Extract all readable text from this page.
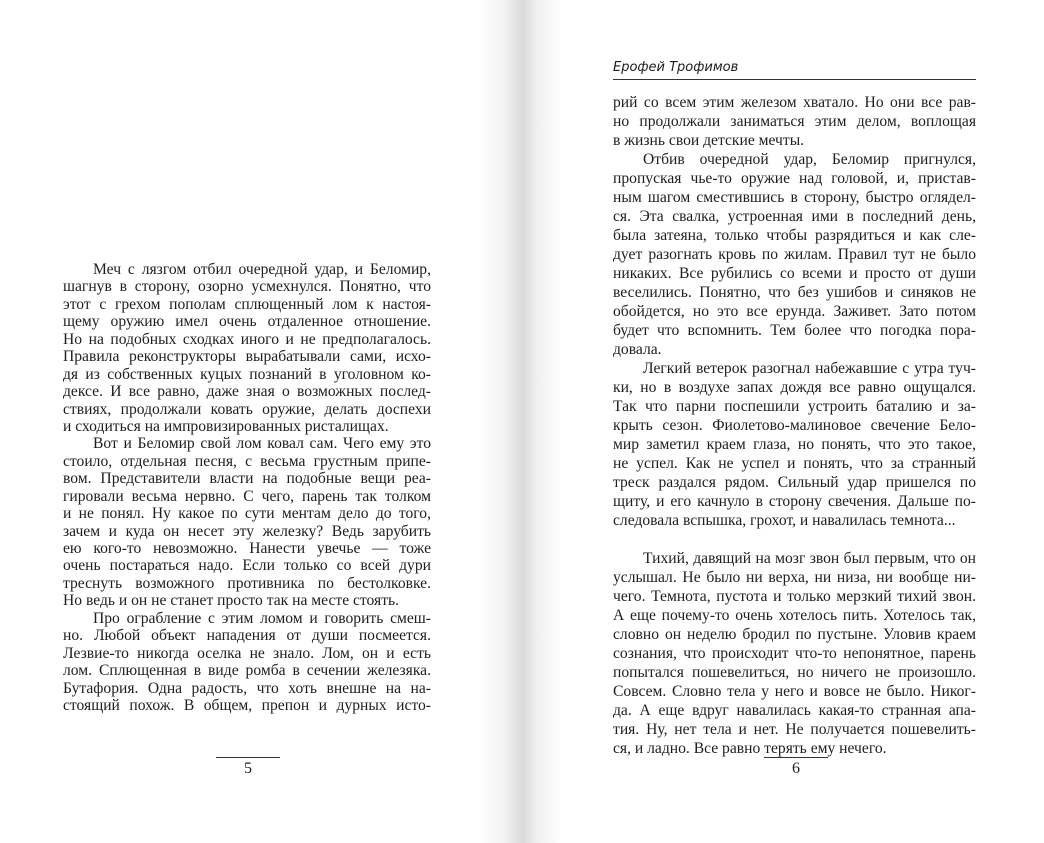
Меч с лязгом отбил очередной удар, и Беломир,
шагнув в сторону, озорно усмехнулся. Понятно, что
этот с грехом пополам сплющенный лом к настоя-
щему оружию имел очень отдаленное отношение.
Но на подобных сходках иного и не предполагалось.
Правила реконструкторы вырабатывали сами, исхо-
дя из собственных куцых познаний в уголовном ко-
дексе. И все равно, даже зная о возможных послед-
ствиях, продолжали ковать оружие, делать доспехи
и сходиться на импровизированных ристалищах.
Вот и Беломир свой лом ковал сам. Чего ему это
стоило, отдельная песня, с весьма грустным припе-
вом. Представители власти на подобные вещи реа-
гировали весьма нервно. С чего, парень так толком
и не понял. Ну какое по сути ментам дело до того,
зачем и куда он несет эту железку? Ведь зарубить
ею кого-то невозможно. Нанести увечье — тоже
очень постараться надо. Если только со всей дури
треснуть возможного противника по бестолковке.
Но ведь и он не станет просто так на месте стоять.
Про ограбление с этим ломом и говорить смеш-
но. Любой объект нападения от души посмеется.
Лезвие-то никогда оселка не знало. Лом, он и есть
лом. Сплющенная в виде ромба в сечении железяка.
Бутафория. Одна радость, что хоть внешне на на-
стоящий похож. В общем, препон и дурных исто-
5
Ерофей Трофимов
рий со всем этим железом хватало. Но они все рав-
но продолжали заниматься этим делом, воплощая
в жизнь свои детские мечты.
Отбив очередной удар, Беломир пригнулся,
пропуская чье-то оружие над головой, и, пристав-
ным шагом сместившись в сторону, быстро оглядел-
ся. Эта свалка, устроенная ими в последний день,
была затеяна, только чтобы разрядиться и как сле-
дует разогнать кровь по жилам. Правил тут не было
никаких. Все рубились со всеми и просто от души
веселились. Понятно, что без ушибов и синяков не
обойдется, но это все ерунда. Заживет. Зато потом
будет что вспомнить. Тем более что погодка пора-
довала.
Легкий ветерок разогнал набежавшие с утра туч-
ки, но в воздухе запах дождя все равно ощущался.
Так что парни поспешили устроить баталию и за-
крыть сезон. Фиолетово-малиновое свечение Бело-
мир заметил краем глаза, но понять, что это такое,
не успел. Как не успел и понять, что за странный
треск раздался рядом. Сильный удар пришелся по
щиту, и его качнуло в сторону свечения. Дальше по-
следовала вспышка, грохот, и навалилась темнота...
Тихий, давящий на мозг звон был первым, что он
услышал. Не было ни верха, ни низа, ни вообще ни-
чего. Темнота, пустота и только мерзкий тихий звон.
А еще почему-то очень хотелось пить. Хотелось так,
словно он неделю бродил по пустыне. Уловив краем
сознания, что происходит что-то непонятное, парень
попытался пошевелиться, но ничего не произошло.
Совсем. Словно тела у него и вовсе не было. Никог-
да. А еще вдруг навалилась какая-то странная апа-
тия. Ну, нет тела и нет. Не получается пошевелить-
ся, и ладно. Все равно терять ему нечего.
6
